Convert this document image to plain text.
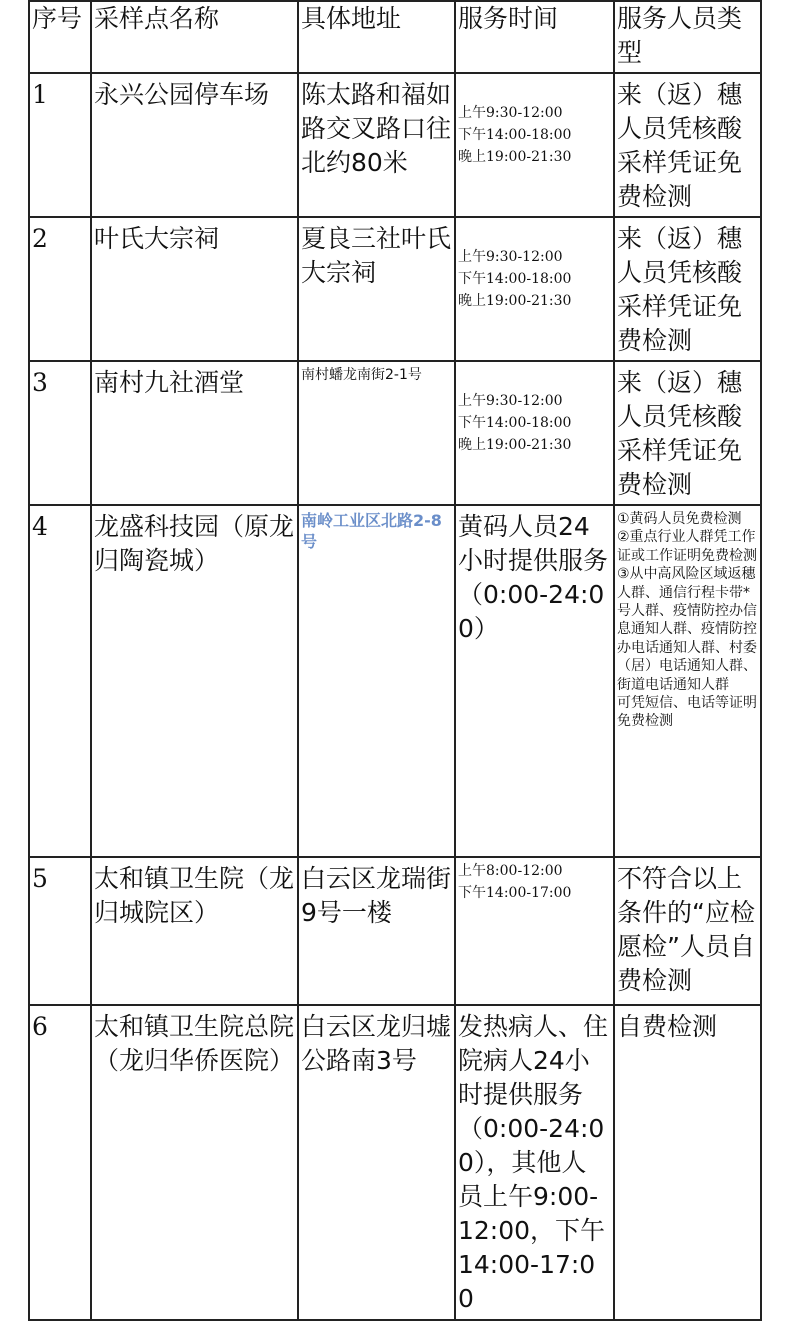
序号	采样点名称	具体地址	服务时间	服务人员类型

1	永兴公园停车场	陈太路和福如路交叉路口往北约80米	上午9:30-12:00
下午14:00-18:00
晚上19:00-21:30	来（返）穗人员凭核酸采样凭证免费检测

2	叶氏大宗祠	夏良三社叶氏大宗祠	上午9:30-12:00
下午14:00-18:00
晚上19:00-21:30	来（返）穗人员凭核酸采样凭证免费检测

3	南村九社酒堂	南村蟠龙南街2-1号	上午9:30-12:00
下午14:00-18:00
晚上19:00-21:30	来（返）穗人员凭核酸采样凭证免费检测

4	龙盛科技园（原龙归陶瓷城）	南岭工业区北路2-8号	黄码人员24小时提供服务（0:00-24:00）	①黄码人员免费检测
②重点行业人群凭工作证或工作证明免费检测
③从中高风险区域返穗人群、通信行程卡带*号人群、疫情防控办信息通知人群、疫情防控办电话通知人群、村委（居）电话通知人群、街道电话通知人群
可凭短信、电话等证明免费检测

5	太和镇卫生院（龙归城院区）	白云区龙瑞街9号一楼	上午8:00-12:00
下午14:00-17:00	不符合以上条件的“应检愿检”人员自费检测

6	太和镇卫生院总院（龙归华侨医院）	白云区龙归墟公路南3号	发热病人、住院病人24小时提供服务（0:00-24:00），其他人员上午9:00-12:00，下午14:00-17:00	自费检测
